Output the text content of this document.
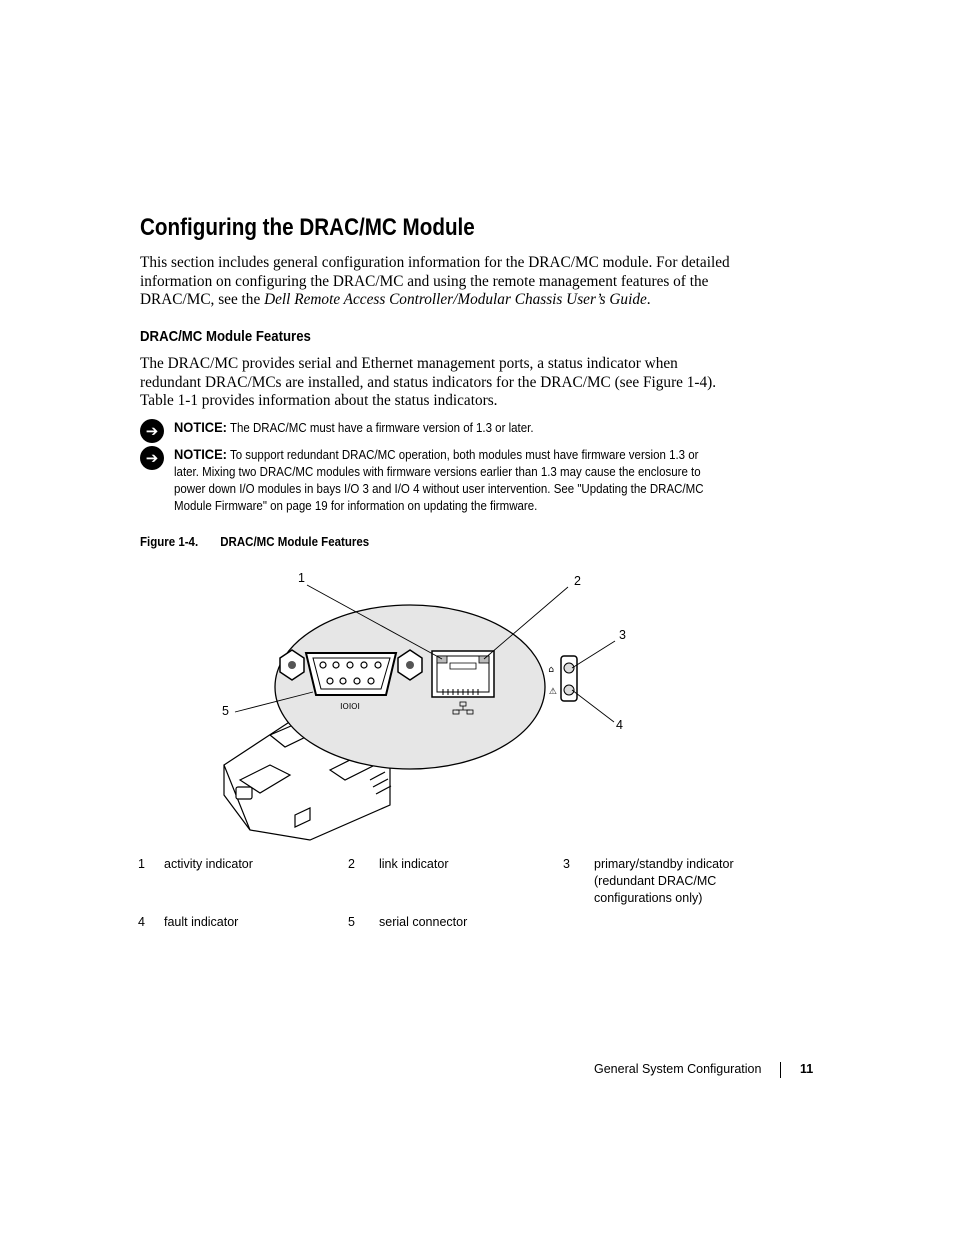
Configuring the DRAC/MC Module

This section includes general configuration information for the DRAC/MC module. For detailed
information on configuring the DRAC/MC and using the remote management features of the
DRAC/MC, see the Dell Remote Access Controller/Modular Chassis User’s Guide.

DRAC/MC Module Features

The DRAC/MC provides serial and Ethernet management ports, a status indicator when
redundant DRAC/MCs are installed, and status indicators for the DRAC/MC (see Figure 1-4).
Table 1-1 provides information about the status indicators.

➔	NOTICE: The DRAC/MC must have a firmware version of 1.3 or later.
➔	NOTICE: To support redundant DRAC/MC operation, both modules must have firmware version 1.3 or
later. Mixing two DRAC/MC modules with firmware versions earlier than 1.3 may cause the enclosure to
power down I/O modules in bays I/O 3 and I/O 4 without user intervention. See "Updating the DRAC/MC
Module Firmware" on page 19 for information on updating the firmware.
Figure 1-4. DRAC/MC Module Features
IOIOI
⌂
⚠
1	2
3
4
5
1 activity indicator	2 link indicator	3 primary/standby indicator
(redundant DRAC/MC
configurations only)
4 fault indicator	5 serial connector
General System Configuration	11
